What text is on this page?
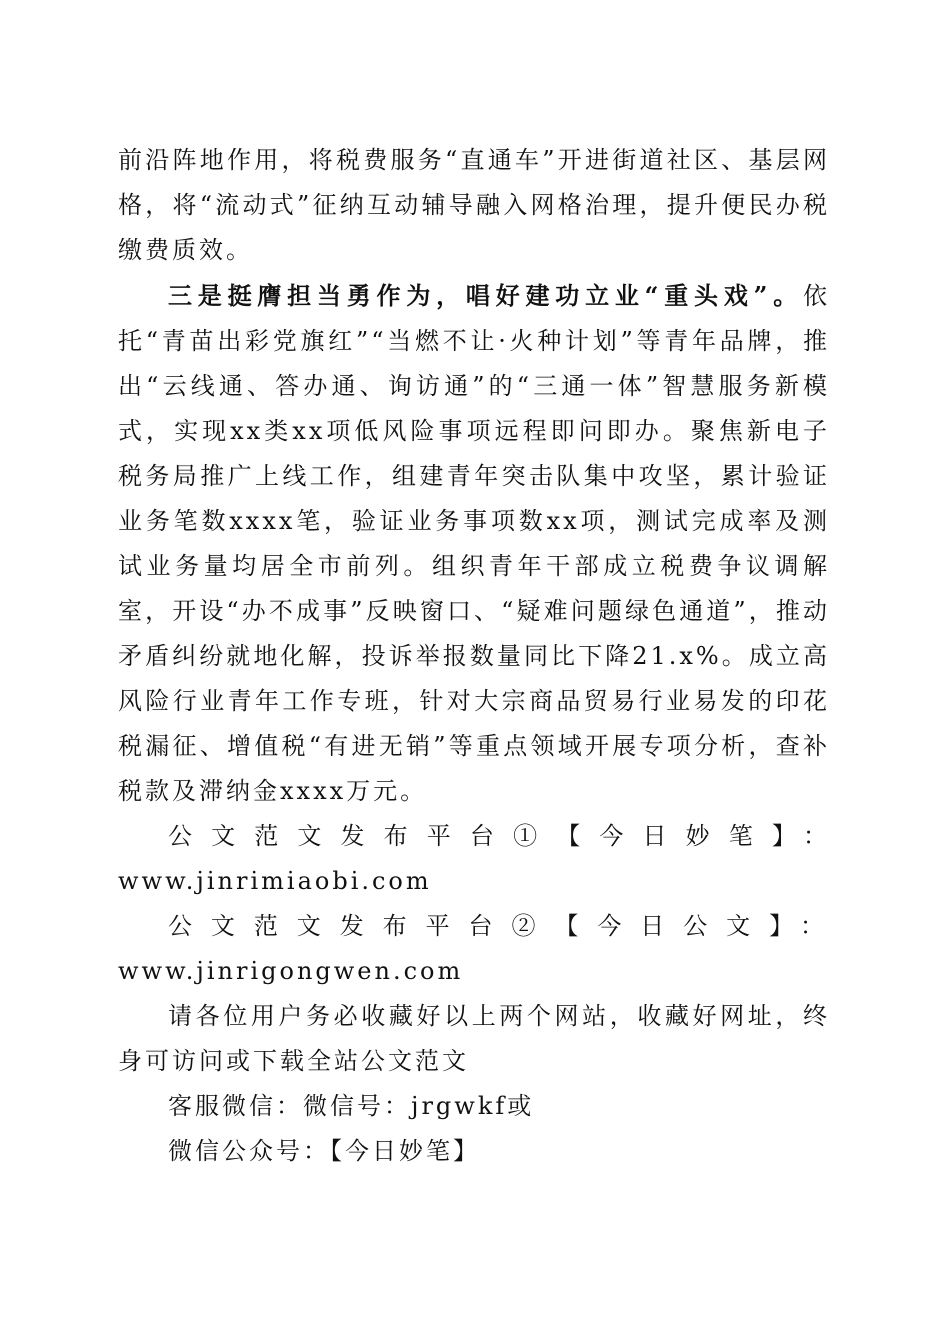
前沿阵地作用，将税费服务“直通车”开进街道社区、基层网格，将“流动式”征纳互动辅导融入网格治理，提升便民办税缴费质效。

三是挺膺担当勇作为，唱好建功立业“重头戏”。依托“青苗出彩党旗红”“当燃不让·火种计划”等青年品牌，推出“云线通、答办通、询访通”的“三通一体”智慧服务新模式，实现xx类xx项低风险事项远程即问即办。聚焦新电子税务局推广上线工作，组建青年突击队集中攻坚，累计验证业务笔数xxxx笔，验证业务事项数xx项，测试完成率及测试业务量均居全市前列。组织青年干部成立税费争议调解室，开设“办不成事”反映窗口、“疑难问题绿色通道”，推动矛盾纠纷就地化解，投诉举报数量同比下降21.x%。成立高风险行业青年工作专班，针对大宗商品贸易行业易发的印花税漏征、增值税“有进无销”等重点领域开展专项分析，查补税款及滞纳金xxxx万元。

公文范文发布平台①【今日妙笔】：www.jinrimiaobi.com

公文范文发布平台②【今日公文】：

www.jinrigongwen.com

请各位用户务必收藏好以上两个网站，收藏好网址，终身可访问或下载全站公文范文

客服微信：微信号：jrgwkf或

微信公众号：【今日妙笔】
